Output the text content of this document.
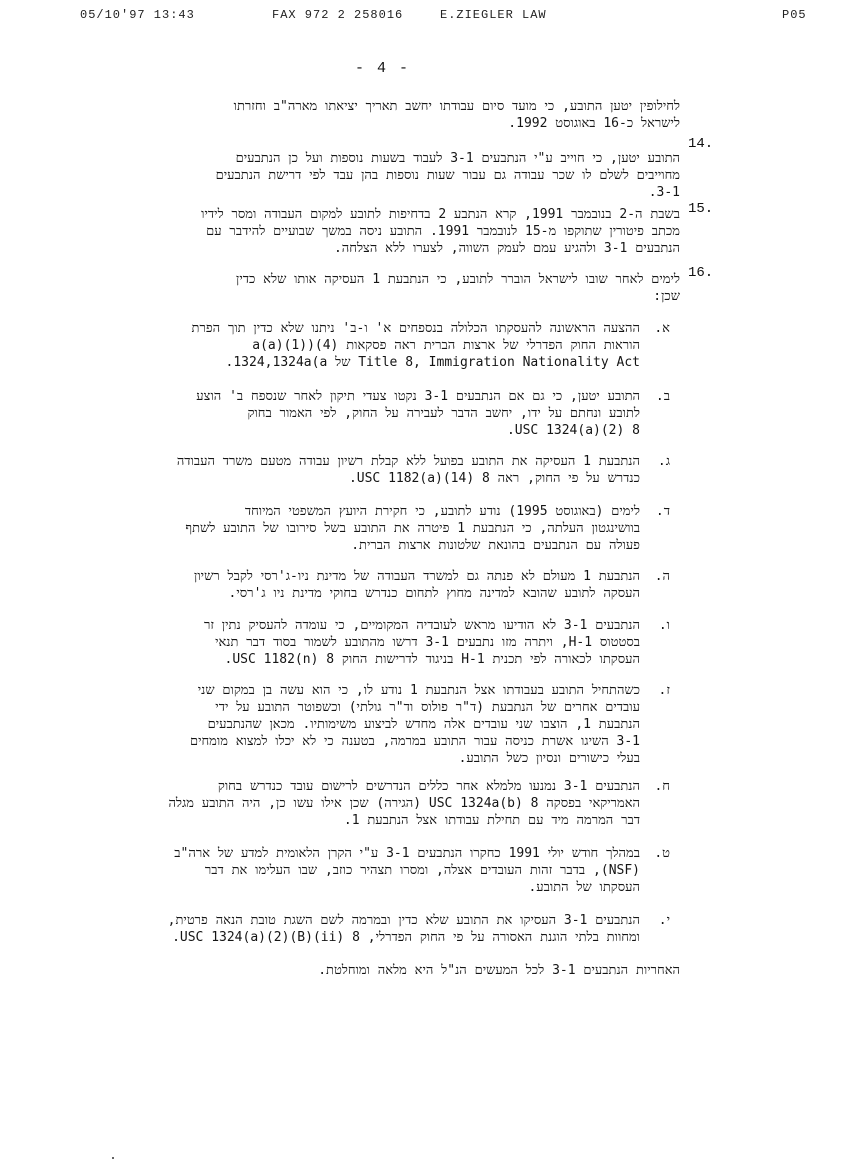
05/10'97 13:43	FAX 972 2 258016	E.ZIEGLER LAW	P05
- 4 -

לחילופין יטען התובע, כי מועד סיום עבודתו יחשב תאריך יציאתו מארה"ב וחזרתו

לישראל כ-16 באוגוסט 1992.

14.

התובע יטען, כי חוייב ע"י הנתבעים 3-1 לעבוד בשעות נוספות ועל כן הנתבעים

מחוייבים לשלם לו שכר עבודה גם עבור שעות נוספות בהן עבד לפי דרישת הנתבעים

3-1.

15.

בשבת ה-2 בנובמבר 1991, קרא הנתבע 2 בדחיפות לתובע למקום העבודה ומסר לידיו

מכתב פיטורין שתוקפו מ-15 לנובמבר 1991. התובע ניסה במשך שבועיים להידבר עם

הנתבעים 3-1 ולהגיע עמם לעמק השווה, לצערו ללא הצלחה.

16.

לימים לאחר שובו לישראל הוברר לתובע, כי הנתבעת 1 העסיקה אותו שלא כדין

שכן:

א.

ההצעה הראשונה להעסקתו הכלולה בנספחים א' ו-ב' ניתנו שלא כדין תוך הפרת

הוראות החוק הפדרלי של ארצות הברית ראה פסקאות a(a)(1))(4)

Title 8, Immigration Nationality Act של 1324,1324a(a.

ב.

התובע יטען, כי גם אם הנתבעים 3-1 נקטו צעדי תיקון לאחר שנספח ב' הוצע

לתובע ונחתם על ידו, יחשב הדבר לעבירה על החוק, לפי האמור בחוק

8 USC 1324(a)(2).

ג.

הנתבעת 1 העסיקה את התובע בפועל ללא קבלת רשיון עבודה מטעם משרד העבודה

כנדרש על פי החוק, ראה 8 USC 1182(a)(14).

ד.

לימים (באוגוסט 1995) נודע לתובע, כי חקירת היועץ המשפטי המיוחד

בוושינגטון העלתה, כי הנתבעת 1 פיטרה את התובע בשל סירובו של התובע לשתף

פעולה עם הנתבעים בהונאת שלטונות ארצות הברית.

ה.

הנתבעת 1 מעולם לא פנתה גם למשרד העבודה של מדינת ניו-ג'רסי לקבל רשיון

העסקה לתובע שהובא למדינה מחוץ לתחום כנדרש בחוקי מדינת ניו ג'רסי.

ו.

הנתבעים 3-1 לא הודיעו מראש לעובדיה המקומיים, כי עומדה להעסיק נתין זר

בסטטוס H-1, ויתרה מזו נתבעים 3-1 דרשו מהתובע לשמור בסוד דבר תנאי

העסקתו לכאורה לפי תכנית H-1 בניגוד לדרישות החוק 8 USC 1182(n).

ז.

כשהתחיל התובע בעבודתו אצל הנתבעת 1 נודע לו, כי הוא עשה בן במקום שני

עובדים אחרים של הנתבעת (ד"ר פולוס וד"ר גולתי) וכשפוטר התובע על ידי

הנתבעת 1, הוצבו שני עובדים אלה מחדש לביצוע משימותיו. מכאן שהנתבעים

3-1 השיגו אשרת כניסה עבור התובע במרמה, בטענה כי לא יכלו למצוא מומחים

בעלי כישורים ונסיון כשל התובע.

ח.

הנתבעים 3-1 נמנעו מלמלא אחר כללים הנדרשים לרישום עובד כנדרש בחוק

האמריקאי בפסקה 8 USC 1324a(b) (הגירה) שכן אילו עשו כן, היה התובע מגלה

דבר המרמה מיד עם תחילת עבודתו אצל הנתבעת 1.

ט.

במהלך חודש יולי 1991 כחקרו הנתבעים 3-1 ע"י הקרן הלאומית למדע של ארה"ב

(NSF), בדבר זהות העובדים אצלה, ומסרו תצהיר כוזב, שבו העלימו את דבר

העסקתו של התובע.

י.

הנתבעים 3-1 העסיקו את התובע שלא כדין ובמרמה לשם השגת טובת הנאה פרטית,

ומחוות בלתי הוגנת האסורה על פי החוק הפדרלי, 8 USC 1324(a)(2)(B)(ii).

האחריות הנתבעים 3-1 לכל המעשים הנ"ל היא מלאה ומוחלטת.
